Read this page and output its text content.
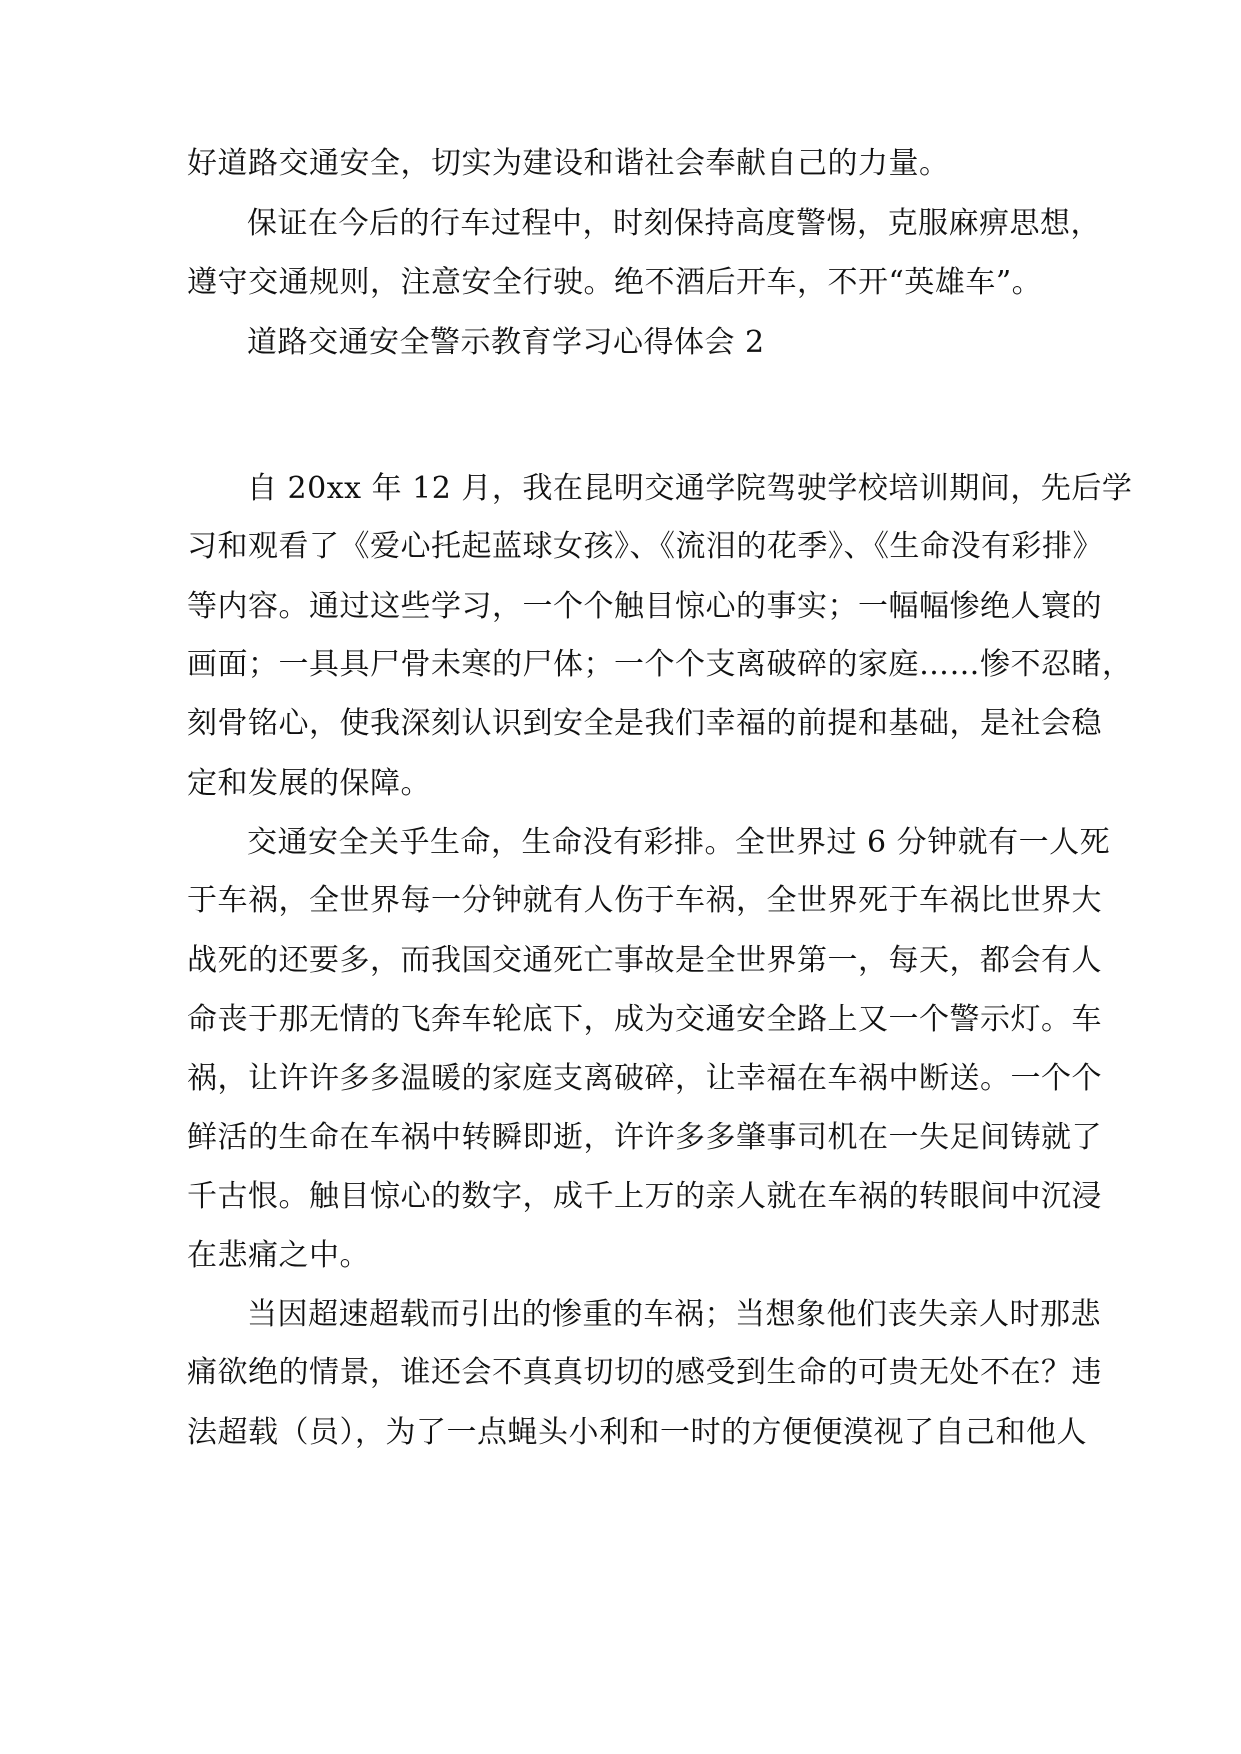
好道路交通安全，切实为建设和谐社会奉献自己的力量。
保证在今后的行车过程中，时刻保持高度警惕，克服麻痹思想，
遵守交通规则，注意安全行驶。绝不酒后开车，不开“英雄车”。
道路交通安全警示教育学习心得体会 2
自 20xx 年 12 月，我在昆明交通学院驾驶学校培训期间，先后学
习和观看了《爱心托起蓝球女孩》、《流泪的花季》、《生命没有彩排》
等内容。通过这些学习，一个个触目惊心的事实；一幅幅惨绝人寰的
画面；一具具尸骨未寒的尸体；一个个支离破碎的家庭……惨不忍睹，
刻骨铭心，使我深刻认识到安全是我们幸福的前提和基础，是社会稳
定和发展的保障。
交通安全关乎生命，生命没有彩排。全世界过 6 分钟就有一人死
于车祸，全世界每一分钟就有人伤于车祸，全世界死于车祸比世界大
战死的还要多，而我国交通死亡事故是全世界第一，每天，都会有人
命丧于那无情的飞奔车轮底下，成为交通安全路上又一个警示灯。车
祸，让许许多多温暖的家庭支离破碎，让幸福在车祸中断送。一个个
鲜活的生命在车祸中转瞬即逝，许许多多肇事司机在一失足间铸就了
千古恨。触目惊心的数字，成千上万的亲人就在车祸的转眼间中沉浸
在悲痛之中。
当因超速超载而引出的惨重的车祸；当想象他们丧失亲人时那悲
痛欲绝的情景，谁还会不真真切切的感受到生命的可贵无处不在？违
法超载（员），为了一点蝇头小利和一时的方便便漠视了自己和他人
